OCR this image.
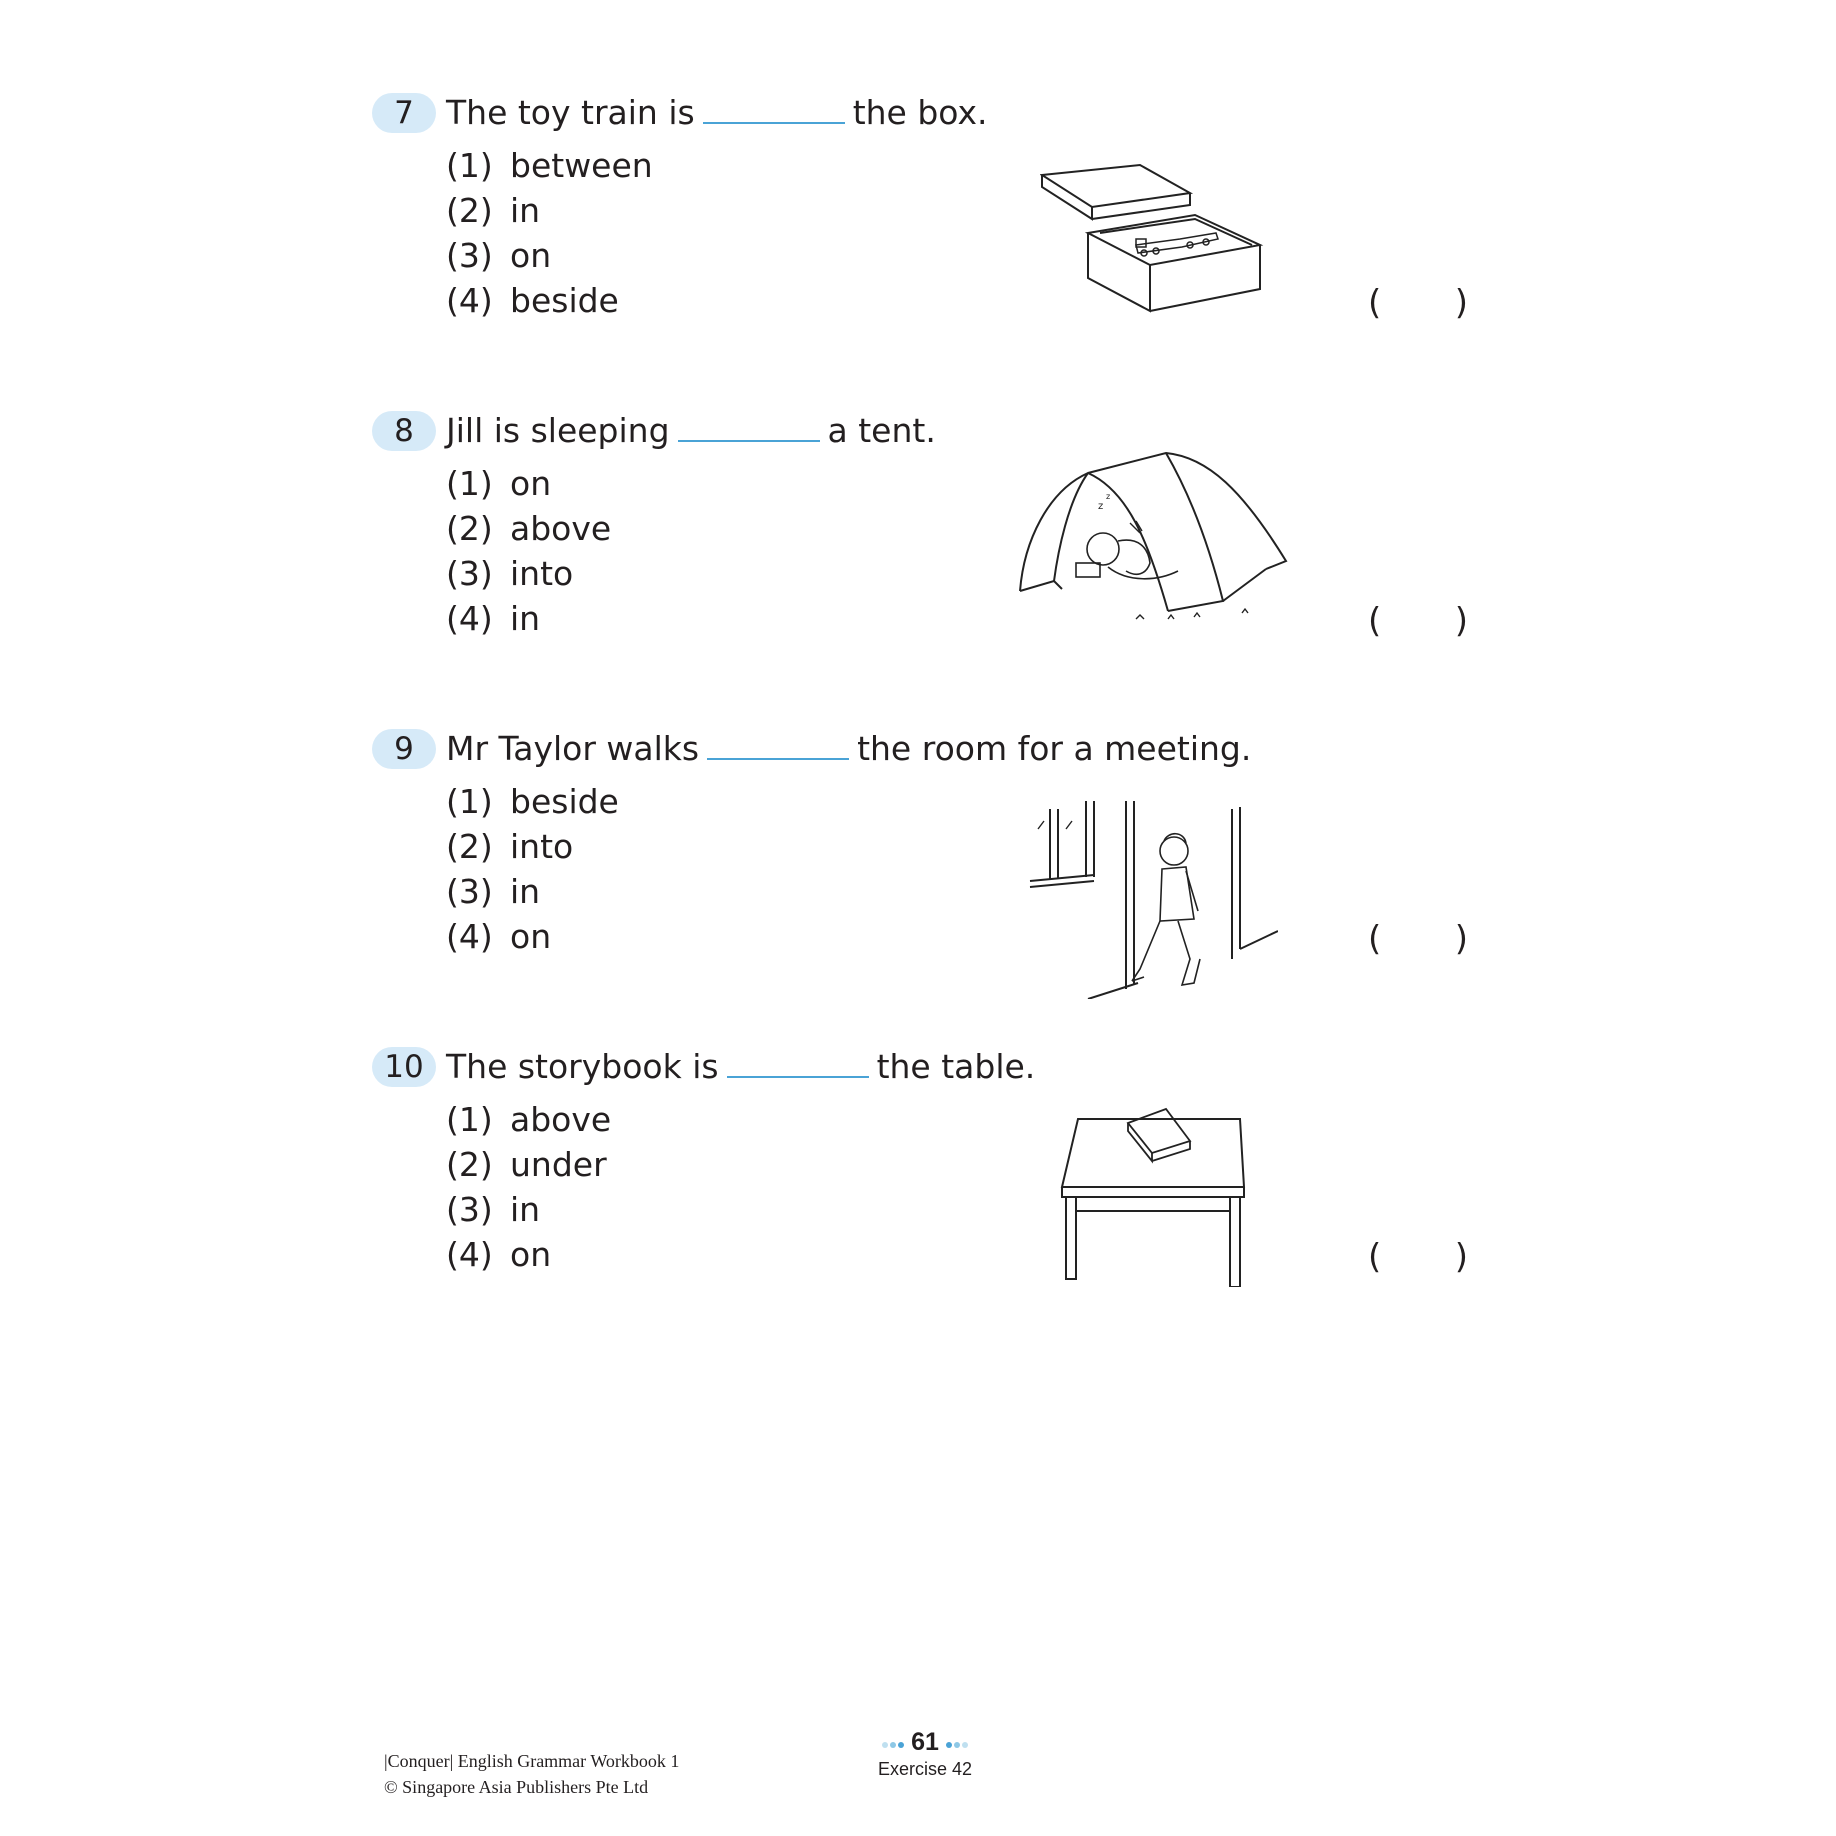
7 The toy train is	the box.
(1) between
(2) in
(3) on
(4) beside	( )
8 Jill is sleeping	a tent.
(1) on
(2) above
(3) into
(4) in	( )
z
z
9 Mr Taylor walks	the room for a meeting.
(1) beside
(2) into
(3) in
(4) on	( )
10 The storybook is	the table.
(1) above
(2) under
(3) in
(4) on	( )
|Conquer| English Grammar Workbook 1
© Singapore Asia Publishers Pte Ltd
61
Exercise 42
